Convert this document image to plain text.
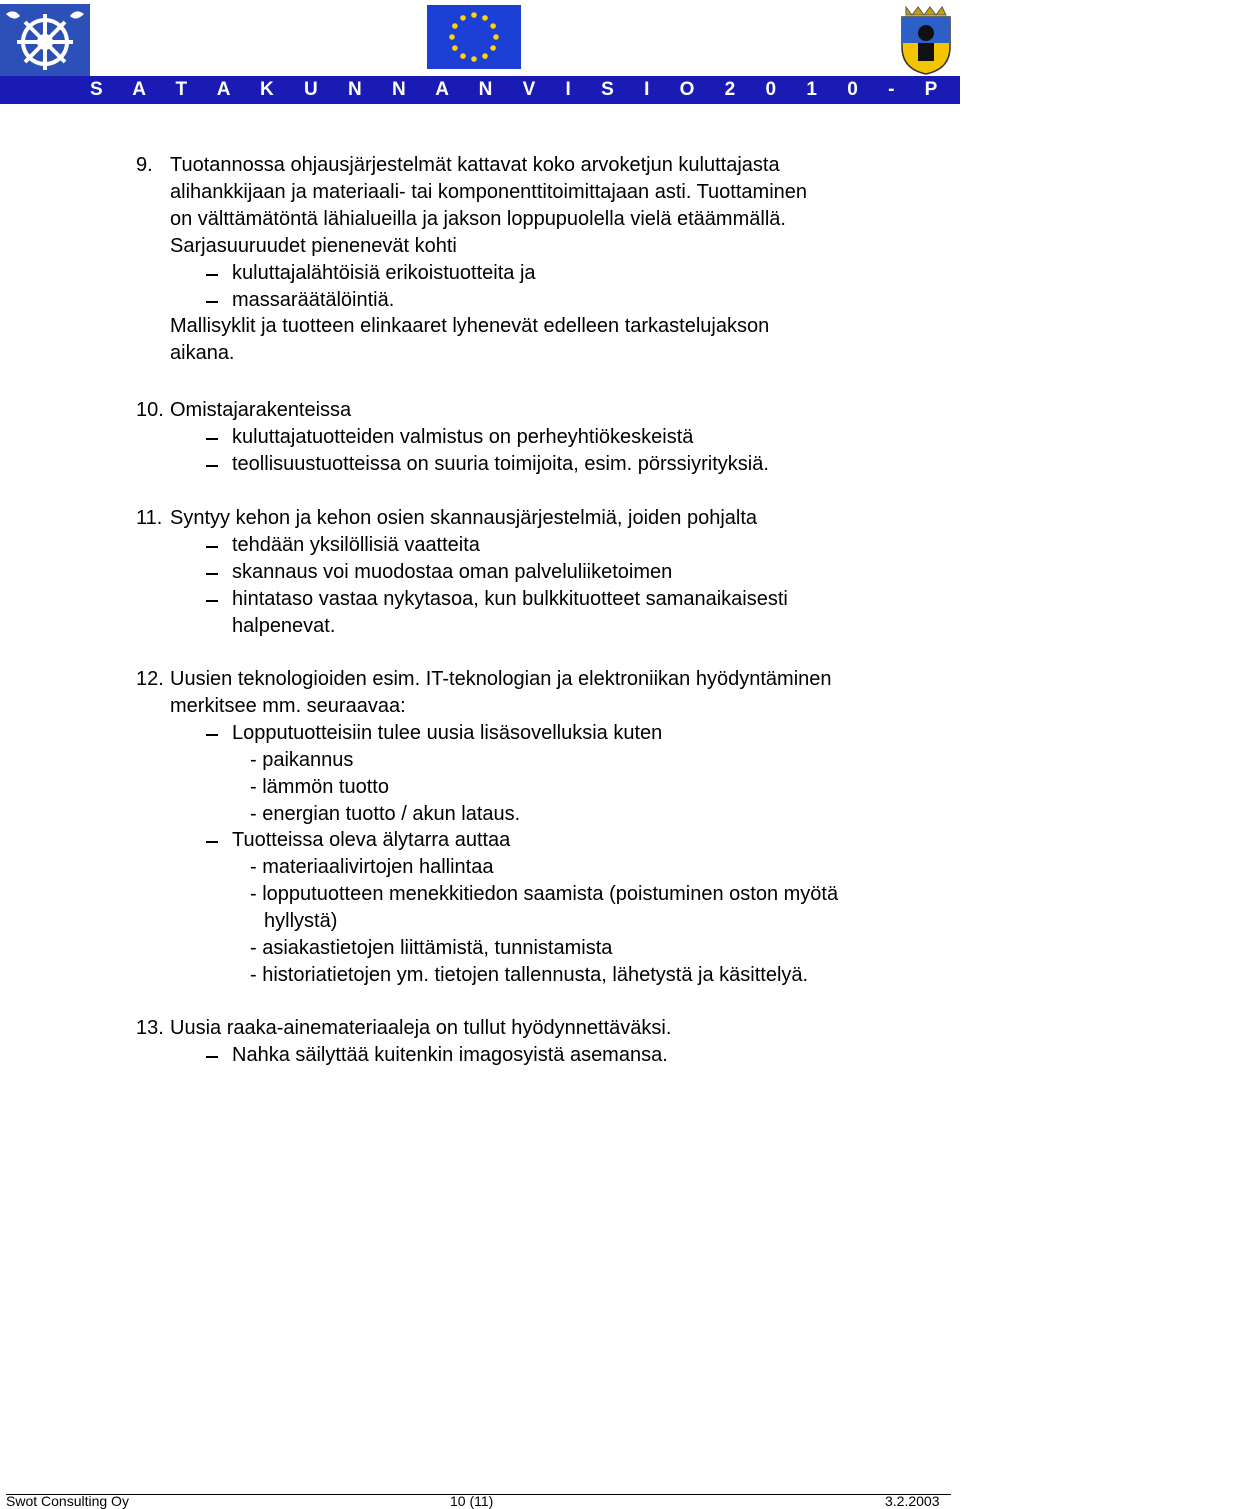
S A T A K U N N A N V I S I O 2 0 1 0 - P R O J E K T I
9. Tuotannossa ohjausjärjestelmät kattavat koko arvoketjun kuluttajasta
alihankkijaan ja materiaali- tai komponenttitoimittajaan asti. Tuottaminen
on välttämätöntä lähialueilla ja jakson loppupuolella vielä etäämmällä.
Sarjasuuruudet pienenevät kohti
kuluttajalähtöisiä erikoistuotteita ja
massaräätälöintiä.
Mallisyklit ja tuotteen elinkaaret lyhenevät edelleen tarkastelujakson
aikana.
10. Omistajarakenteissa
kuluttajatuotteiden valmistus on perheyhtiökeskeistä
teollisuustuotteissa on suuria toimijoita, esim. pörssiyrityksiä.
11. Syntyy kehon ja kehon osien skannausjärjestelmiä, joiden pohjalta
tehdään yksilöllisiä vaatteita
skannaus voi muodostaa oman palveluliiketoimen
hintataso vastaa nykytasoa, kun bulkkituotteet samanaikaisesti
halpenevat.
12. Uusien teknologioiden esim. IT-teknologian ja elektroniikan hyödyntäminen
merkitsee mm. seuraavaa:
Lopputuotteisiin tulee uusia lisäsovelluksia kuten
- paikannus
- lämmön tuotto
- energian tuotto / akun lataus.
Tuotteissa oleva älytarra auttaa
- materiaalivirtojen hallintaa
- lopputuotteen menekkitiedon saamista (poistuminen oston myötä
hyllystä)
- asiakastietojen liittämistä, tunnistamista
- historiatietojen ym. tietojen tallennusta, lähetystä ja käsittelyä.
13. Uusia raaka-ainemateriaaleja on tullut hyödynnettäväksi.
Nahka säilyttää kuitenkin imagosyistä asemansa.
Swot Consulting Oy	10 (11)	3.2.2003
